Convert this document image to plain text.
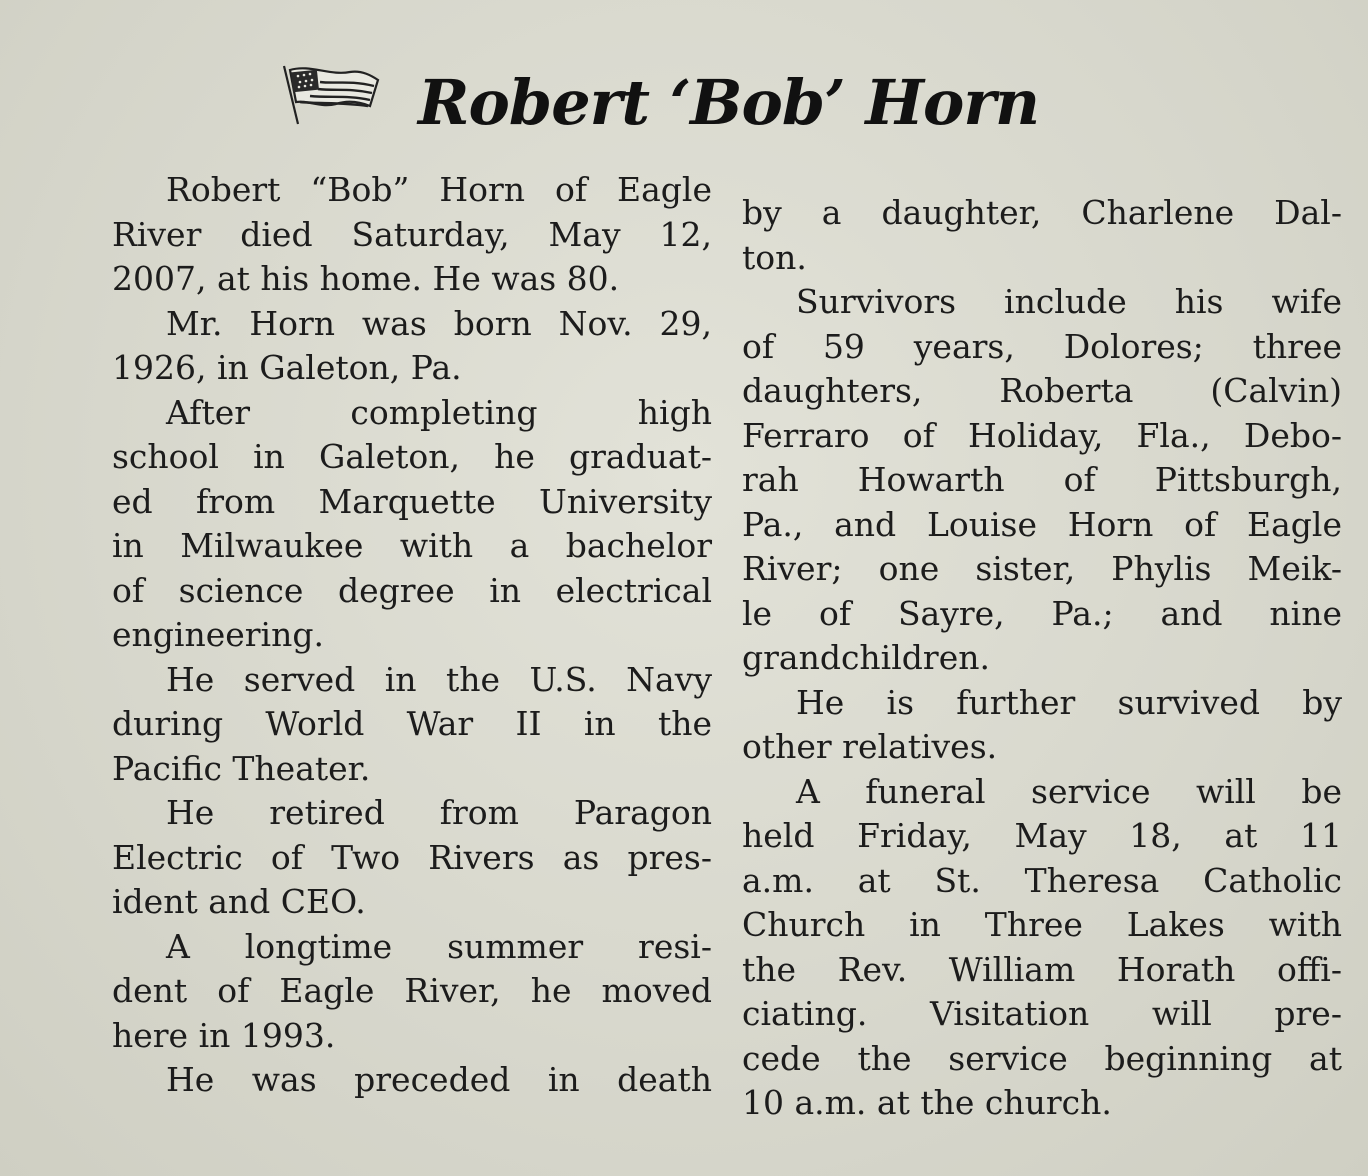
Robert ‘Bob’ Horn
Robert “Bob” Horn of Eagle
River died Saturday, May 12,
2007, at his home. He was 80.
Mr. Horn was born Nov. 29,
1926, in Galeton, Pa.
After completing high
school in Galeton, he graduat-
ed from Marquette University
in Milwaukee with a bachelor
of science degree in electrical
engineering.
He served in the U.S. Navy
during World War II in the
Pacific Theater.
He retired from Paragon
Electric of Two Rivers as pres-
ident and CEO.
A longtime summer resi-
dent of Eagle River, he moved
here in 1993.
He was preceded in death
by a daughter, Charlene Dal-
ton.
Survivors include his wife
of 59 years, Dolores; three
daughters, Roberta (Calvin)
Ferraro of Holiday, Fla., Debo-
rah Howarth of Pittsburgh,
Pa., and Louise Horn of Eagle
River; one sister, Phylis Meik-
le of Sayre, Pa.; and nine
grandchildren.
He is further survived by
other relatives.
A funeral service will be
held Friday, May 18, at 11
a.m. at St. Theresa Catholic
Church in Three Lakes with
the Rev. William Horath offi-
ciating. Visitation will pre-
cede the service beginning at
10 a.m. at the church.
